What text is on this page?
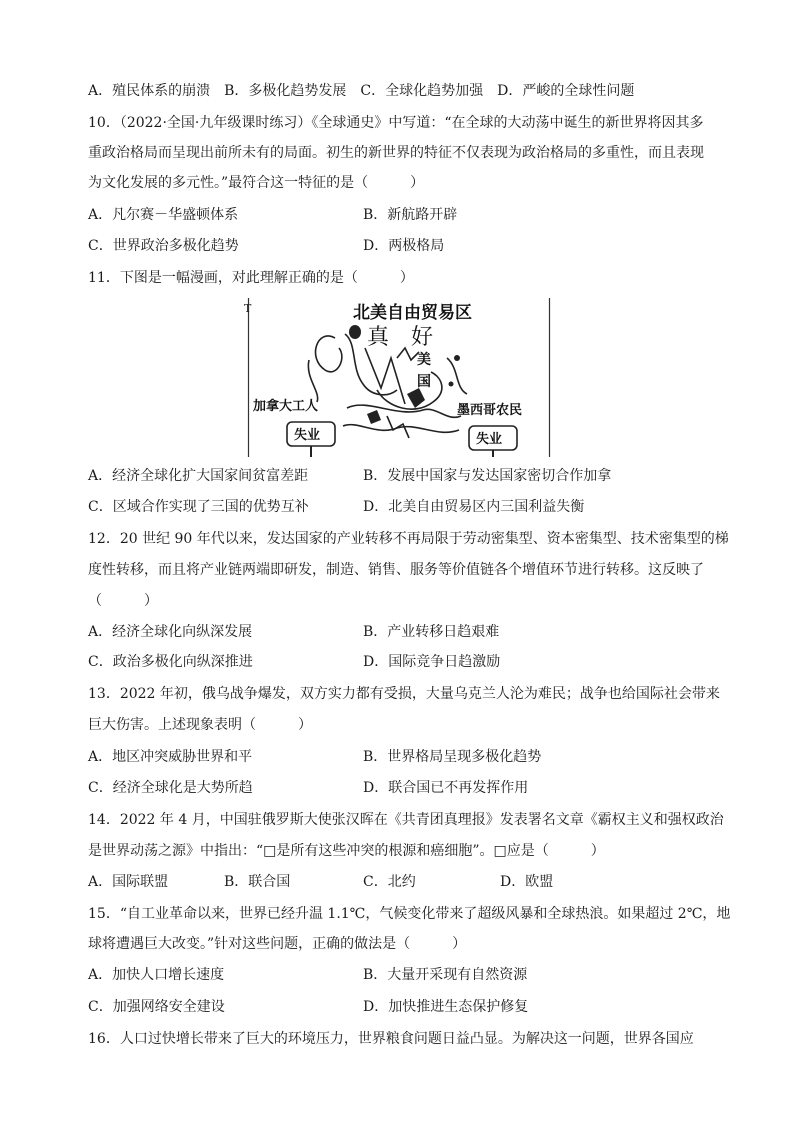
A．殖民体系的崩溃　B．多极化趋势发展　C．全球化趋势加强　D．严峻的全球性问题
10．（2022·全国·九年级课时练习）《全球通史》中写道：“在全球的大动荡中诞生的新世界将因其多
重政治格局而呈现出前所未有的局面。初生的新世界的特征不仅表现为政治格局的多重性，而且表现
为文化发展的多元性。”最符合这一特征的是（　　　）
A．凡尔赛－华盛顿体系	B．新航路开辟
C．世界政治多极化趋势	D．两极格局
11．下图是一幅漫画，对此理解正确的是（　　　）
T	北美自由贸易区
真　好
美
国
加拿大工人	墨西哥农民
失业	失业
A．经济全球化扩大国家间贫富差距	B．发展中国家与发达国家密切合作加拿
C．区域合作实现了三国的优势互补	D．北美自由贸易区内三国利益失衡
12．20 世纪 90 年代以来，发达国家的产业转移不再局限于劳动密集型、资本密集型、技术密集型的梯
度性转移，而且将产业链两端即研发，制造、销售、服务等价值链各个增值环节进行转移。这反映了
（　　　）
A．经济全球化向纵深发展	B．产业转移日趋艰难
C．政治多极化向纵深推进	D．国际竞争日趋激励
13．2022 年初，俄乌战争爆发，双方实力都有受损，大量乌克兰人沦为难民；战争也给国际社会带来
巨大伤害。上述现象表明（　　　）
A．地区冲突威胁世界和平	B．世界格局呈现多极化趋势
C．经济全球化是大势所趋	D．联合国已不再发挥作用
14．2022 年 4 月，中国驻俄罗斯大使张汉晖在《共青团真理报》发表署名文章《霸权主义和强权政治
是世界动荡之源》中指出：“□是所有这些冲突的根源和癌细胞”。□应是（　　　）
A．国际联盟	B．联合国	C．北约	D．欧盟
15．“自工业革命以来，世界已经升温 1.1℃，气候变化带来了超级风暴和全球热浪。如果超过 2℃，地
球将遭遇巨大改变。”针对这些问题，正确的做法是（　　　）
A．加快人口增长速度	B．大量开采现有自然资源
C．加强网络安全建设	D．加快推进生态保护修复
16．人口过快增长带来了巨大的环境压力，世界粮食问题日益凸显。为解决这一问题，世界各国应
